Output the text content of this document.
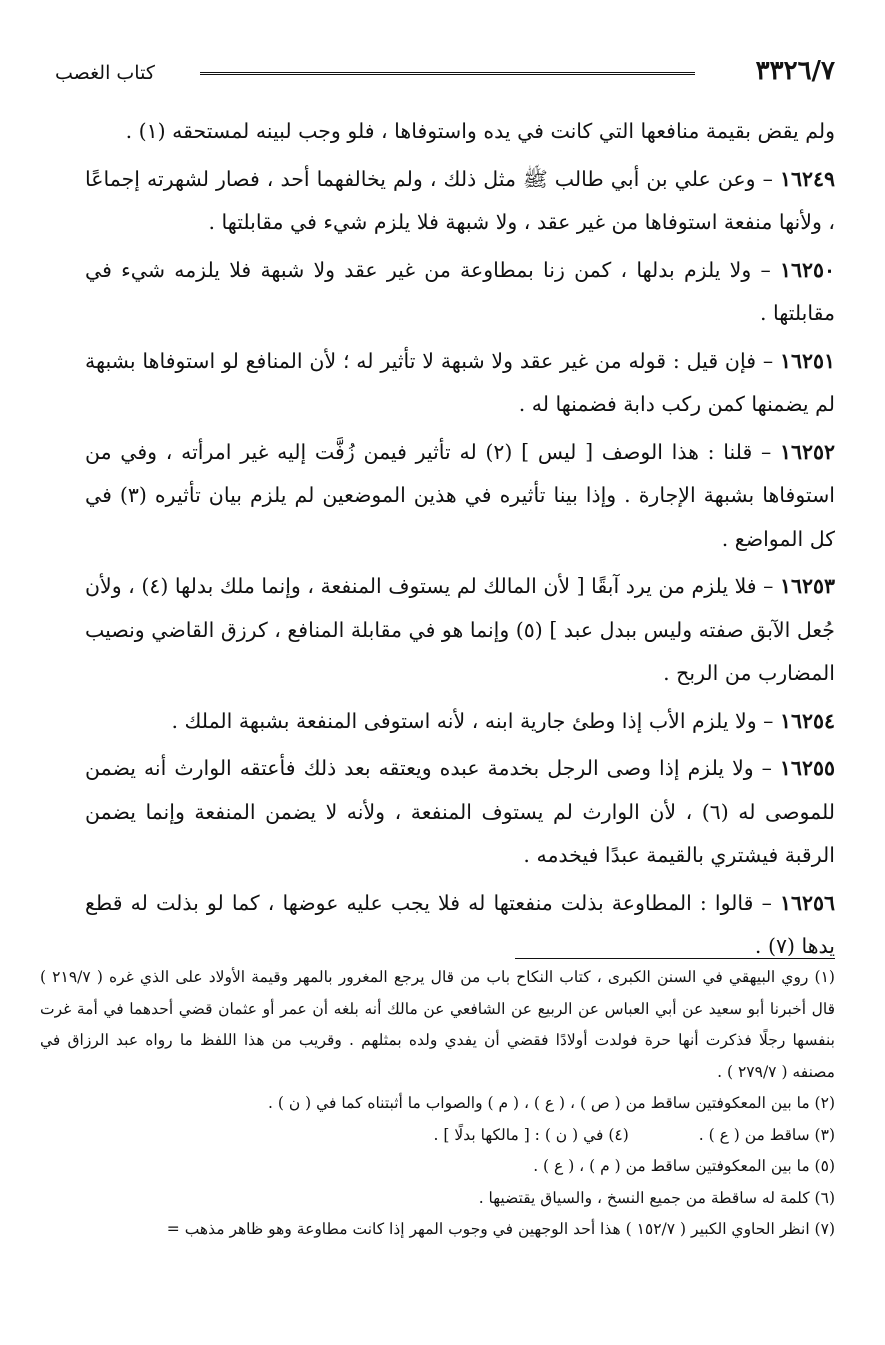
٣٣٢٦/٧
كتاب الغصب

ولم يقض بقيمة منافعها التي كانت في يده واستوفاها ، فلو وجب لبينه لمستحقه (١) .

١٦٢٤٩ – وعن علي بن أبي طالب ﷺ مثل ذلك ، ولم يخالفهما أحد ، فصار لشهرته إجماعًا ، ولأنها منفعة استوفاها من غير عقد ، ولا شبهة فلا يلزم شيء في مقابلتها .

١٦٢٥٠ – ولا يلزم بدلها ، كمن زنا بمطاوعة من غير عقد ولا شبهة فلا يلزمه شيء في مقابلتها .

١٦٢٥١ – فإن قيل : قوله من غير عقد ولا شبهة لا تأثير له ؛ لأن المنافع لو استوفاها بشبهة لم يضمنها كمن ركب دابة فضمنها له .

١٦٢٥٢ – قلنا : هذا الوصف [ ليس ] (٢) له تأثير فيمن زُفَّت إليه غير امرأته ، وفي من استوفاها بشبهة الإجارة . وإذا بينا تأثيره في هذين الموضعين لم يلزم بيان تأثيره (٣) في كل المواضع .

١٦٢٥٣ – فلا يلزم من يرد آبقًا [ لأن المالك لم يستوف المنفعة ، وإنما ملك بدلها (٤) ، ولأن جُعل الآبق صفته وليس ببدل عبد ] (٥) وإنما هو في مقابلة المنافع ، كرزق القاضي ونصيب المضارب من الربح .

١٦٢٥٤ – ولا يلزم الأب إذا وطئ جارية ابنه ، لأنه استوفى المنفعة بشبهة الملك .

١٦٢٥٥ – ولا يلزم إذا وصى الرجل بخدمة عبده ويعتقه بعد ذلك فأعتقه الوارث أنه يضمن للموصى له (٦) ، لأن الوارث لم يستوف المنفعة ، ولأنه لا يضمن المنفعة وإنما يضمن الرقبة فيشتري بالقيمة عبدًا فيخدمه .

١٦٢٥٦ – قالوا : المطاوعة بذلت منفعتها له فلا يجب عليه عوضها ، كما لو بذلت له قطع يدها (٧) .

(١) روي البيهقي في السنن الكبرى ، كتاب النكاح باب من قال يرجع المغرور بالمهر وقيمة الأولاد على الذي غره ( ٢١٩/٧ ) قال أخبرنا أبو سعيد عن أبي العباس عن الربيع عن الشافعي عن مالك أنه بلغه أن عمر أو عثمان قضي أحدهما في أمة غرت بنفسها رجلًا فذكرت أنها حرة فولدت أولادًا فقضي أن يفدي ولده بمثلهم . وقريب من هذا اللفظ ما رواه عبد الرزاق في مصنفه ( ٢٧٩/٧ ) .
(٢) ما بين المعكوفتين ساقط من ( ص ) ، ( ع ) ، ( م ) والصواب ما أثبتناه كما في ( ن ) .
(٣) ساقط من ( ع ) .
(٤) في ( ن ) : [ مالكها بدلًا ] .
(٥) ما بين المعكوفتين ساقط من ( م ) ، ( ع ) .
(٦) كلمة له ساقطة من جميع النسخ ، والسياق يقتضيها .
(٧) انظر الحاوي الكبير ( ١٥٢/٧ ) هذا أحد الوجهين في وجوب المهر إذا كانت مطاوعة وهو ظاهر مذهب =
